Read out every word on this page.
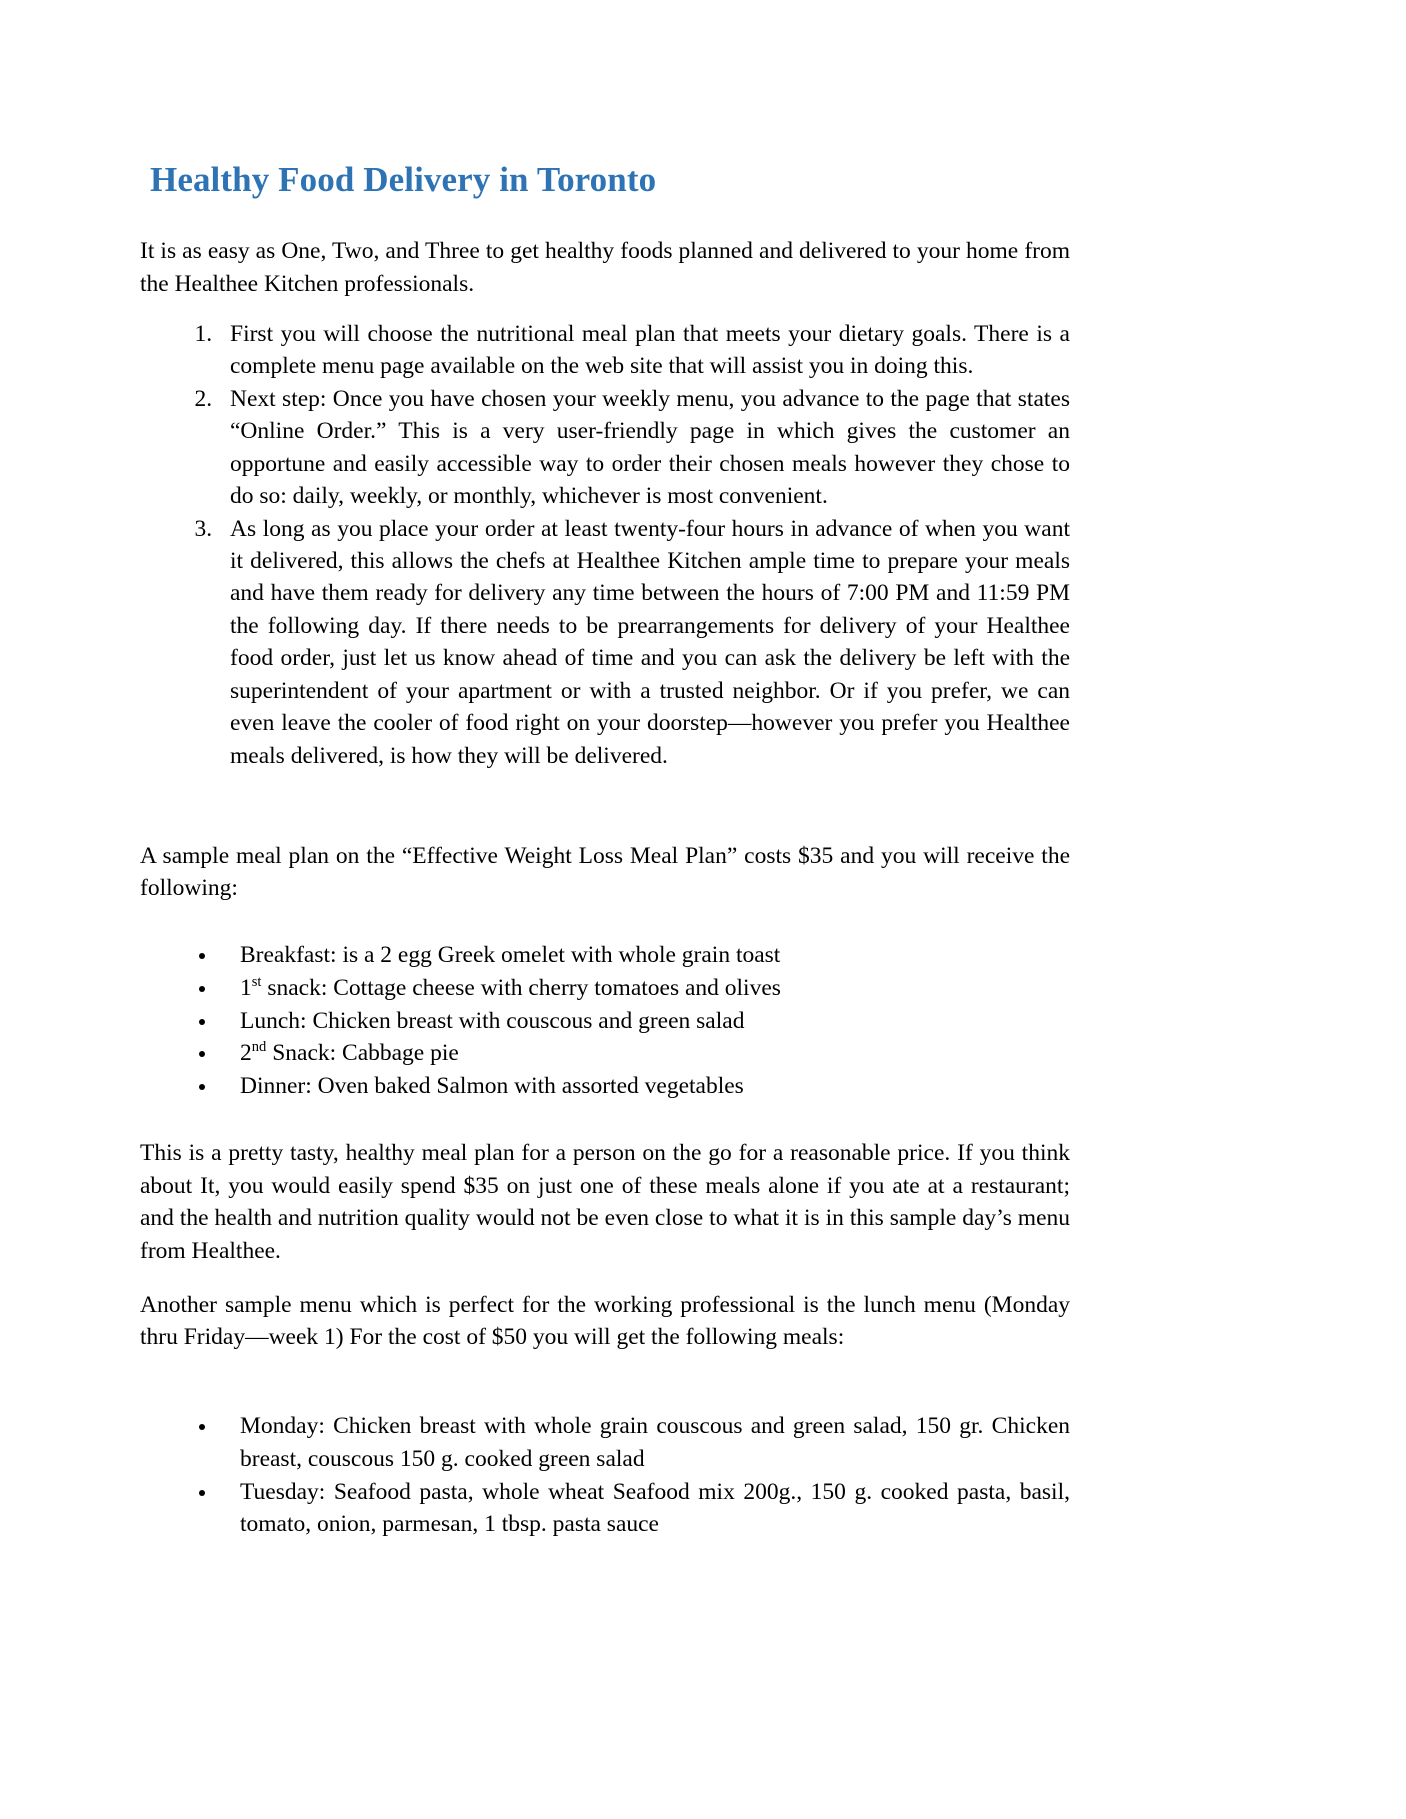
Healthy Food Delivery in Toronto

It is as easy as One, Two, and Three to get healthy foods planned and delivered to your home from the Healthee Kitchen professionals.

1. First you will choose the nutritional meal plan that meets your dietary goals. There is a complete menu page available on the web site that will assist you in doing this.
2. Next step: Once you have chosen your weekly menu, you advance to the page that states “Online Order.” This is a very user-friendly page in which gives the customer an opportune and easily accessible way to order their chosen meals however they chose to do so: daily, weekly, or monthly, whichever is most convenient.
3. As long as you place your order at least twenty-four hours in advance of when you want it delivered, this allows the chefs at Healthee Kitchen ample time to prepare your meals and have them ready for delivery any time between the hours of 7:00 PM and 11:59 PM the following day. If there needs to be prearrangements for delivery of your Healthee food order, just let us know ahead of time and you can ask the delivery be left with the superintendent of your apartment or with a trusted neighbor. Or if you prefer, we can even leave the cooler of food right on your doorstep—however you prefer you Healthee meals delivered, is how they will be delivered.

A sample meal plan on the “Effective Weight Loss Meal Plan” costs $35 and you will receive the following:

• Breakfast: is a 2 egg Greek omelet with whole grain toast
• 1st snack: Cottage cheese with cherry tomatoes and olives
• Lunch: Chicken breast with couscous and green salad
• 2nd Snack: Cabbage pie
• Dinner: Oven baked Salmon with assorted vegetables

This is a pretty tasty, healthy meal plan for a person on the go for a reasonable price. If you think about It, you would easily spend $35 on just one of these meals alone if you ate at a restaurant; and the health and nutrition quality would not be even close to what it is in this sample day’s menu from Healthee.

Another sample menu which is perfect for the working professional is the lunch menu (Monday thru Friday—week 1) For the cost of $50 you will get the following meals:

• Monday: Chicken breast with whole grain couscous and green salad, 150 gr. Chicken breast, couscous 150 g. cooked green salad
• Tuesday: Seafood pasta, whole wheat Seafood mix 200g., 150 g. cooked pasta, basil, tomato, onion, parmesan, 1 tbsp. pasta sauce
